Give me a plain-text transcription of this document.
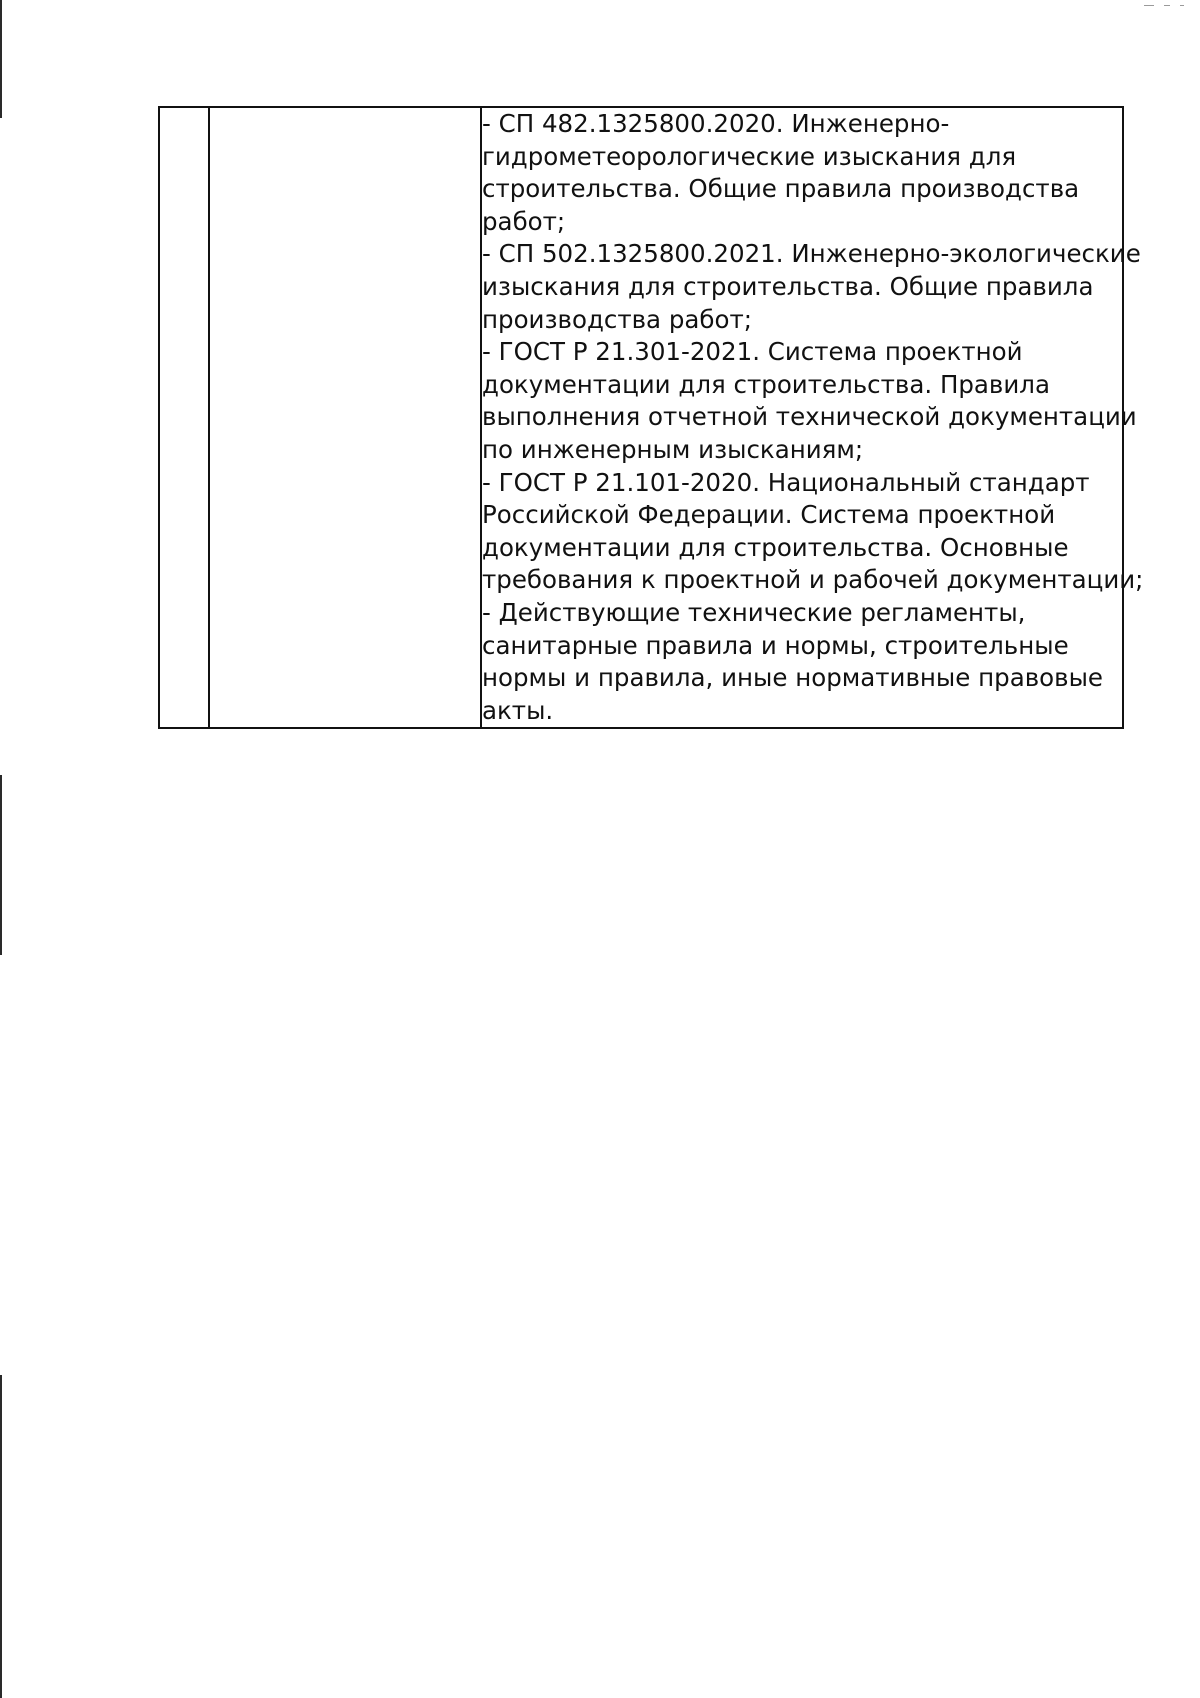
- СП 482.1325800.2020. Инженерно-
гидрометеорологические изыскания для
строительства. Общие правила производства
работ;
- СП 502.1325800.2021. Инженерно-экологические
изыскания для строительства. Общие правила
производства работ;
- ГОСТ Р 21.301-2021. Система проектной
документации для строительства. Правила
выполнения отчетной технической документации
по инженерным изысканиям;
- ГОСТ Р 21.101-2020. Национальный стандарт
Российской Федерации. Система проектной
документации для строительства. Основные
требования к проектной и рабочей документации;
- Действующие технические регламенты,
санитарные правила и нормы, строительные
нормы и правила, иные нормативные правовые
акты.
